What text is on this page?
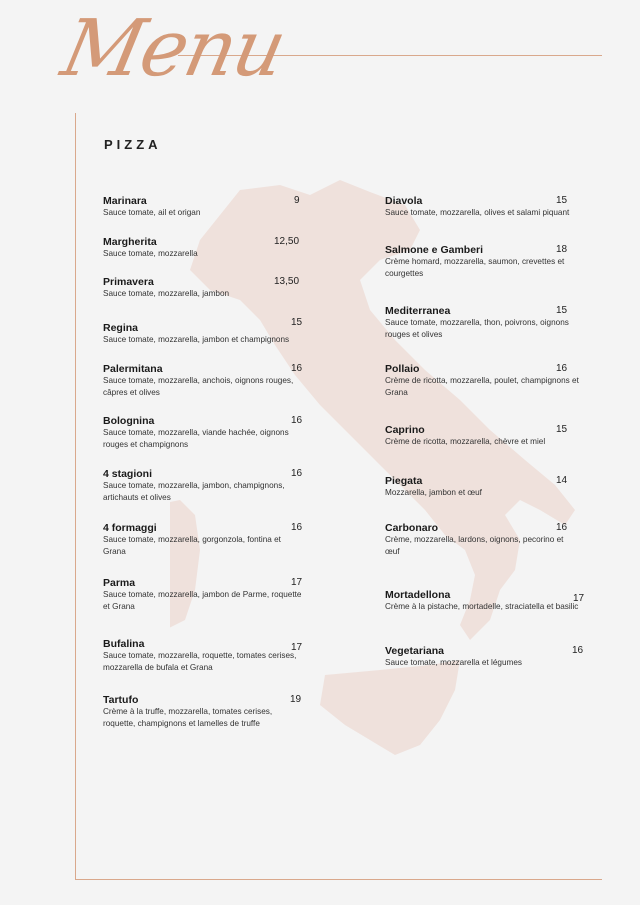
Menu
PIZZA
Marinara
Sauce tomate, ail et origan
9
Margherita
Sauce tomate, mozzarella
12,50
Primavera
Sauce tomate, mozzarella, jambon
13,50
Regina
Sauce tomate, mozzarella, jambon et champignons
15
Palermitana
Sauce tomate, mozzarella, anchois, oignons rouges, câpres et olives
16
Bolognina
Sauce tomate, mozzarella, viande hachée, oignons rouges et champignons
16
4 stagioni
Sauce tomate, mozzarella, jambon, champignons, artichauts et olives
16
4 formaggi
Sauce tomate, mozzarella, gorgonzola, fontina et Grana
16
Parma
Sauce tomate, mozzarella, jambon de Parme, roquette et Grana
17
Bufalina
Sauce tomate, mozzarella, roquette, tomates cerises, mozzarella de bufala et Grana
17
Tartufo
Crème à la truffe, mozzarella, tomates cerises, roquette, champignons et lamelles de truffe
19
Diavola
Sauce tomate, mozzarella, olives et salami piquant
15
Salmone e Gamberi
Crème homard, mozzarella, saumon, crevettes et courgettes
18
Mediterranea
Sauce tomate, mozzarella, thon, poivrons, oignons rouges et olives
15
Pollaio
Crème de ricotta, mozzarella, poulet, champignons et Grana
16
Caprino
Crème de ricotta, mozzarella, chèvre et miel
15
Piegata
Mozzarella, jambon et œuf
14
Carbonaro
Crème, mozzarella, lardons, oignons, pecorino et œuf
16
Mortadellona
Crème à la pistache, mortadelle, straciatella et basilic
17
Vegetariana
Sauce tomate, mozzarella et légumes
16
